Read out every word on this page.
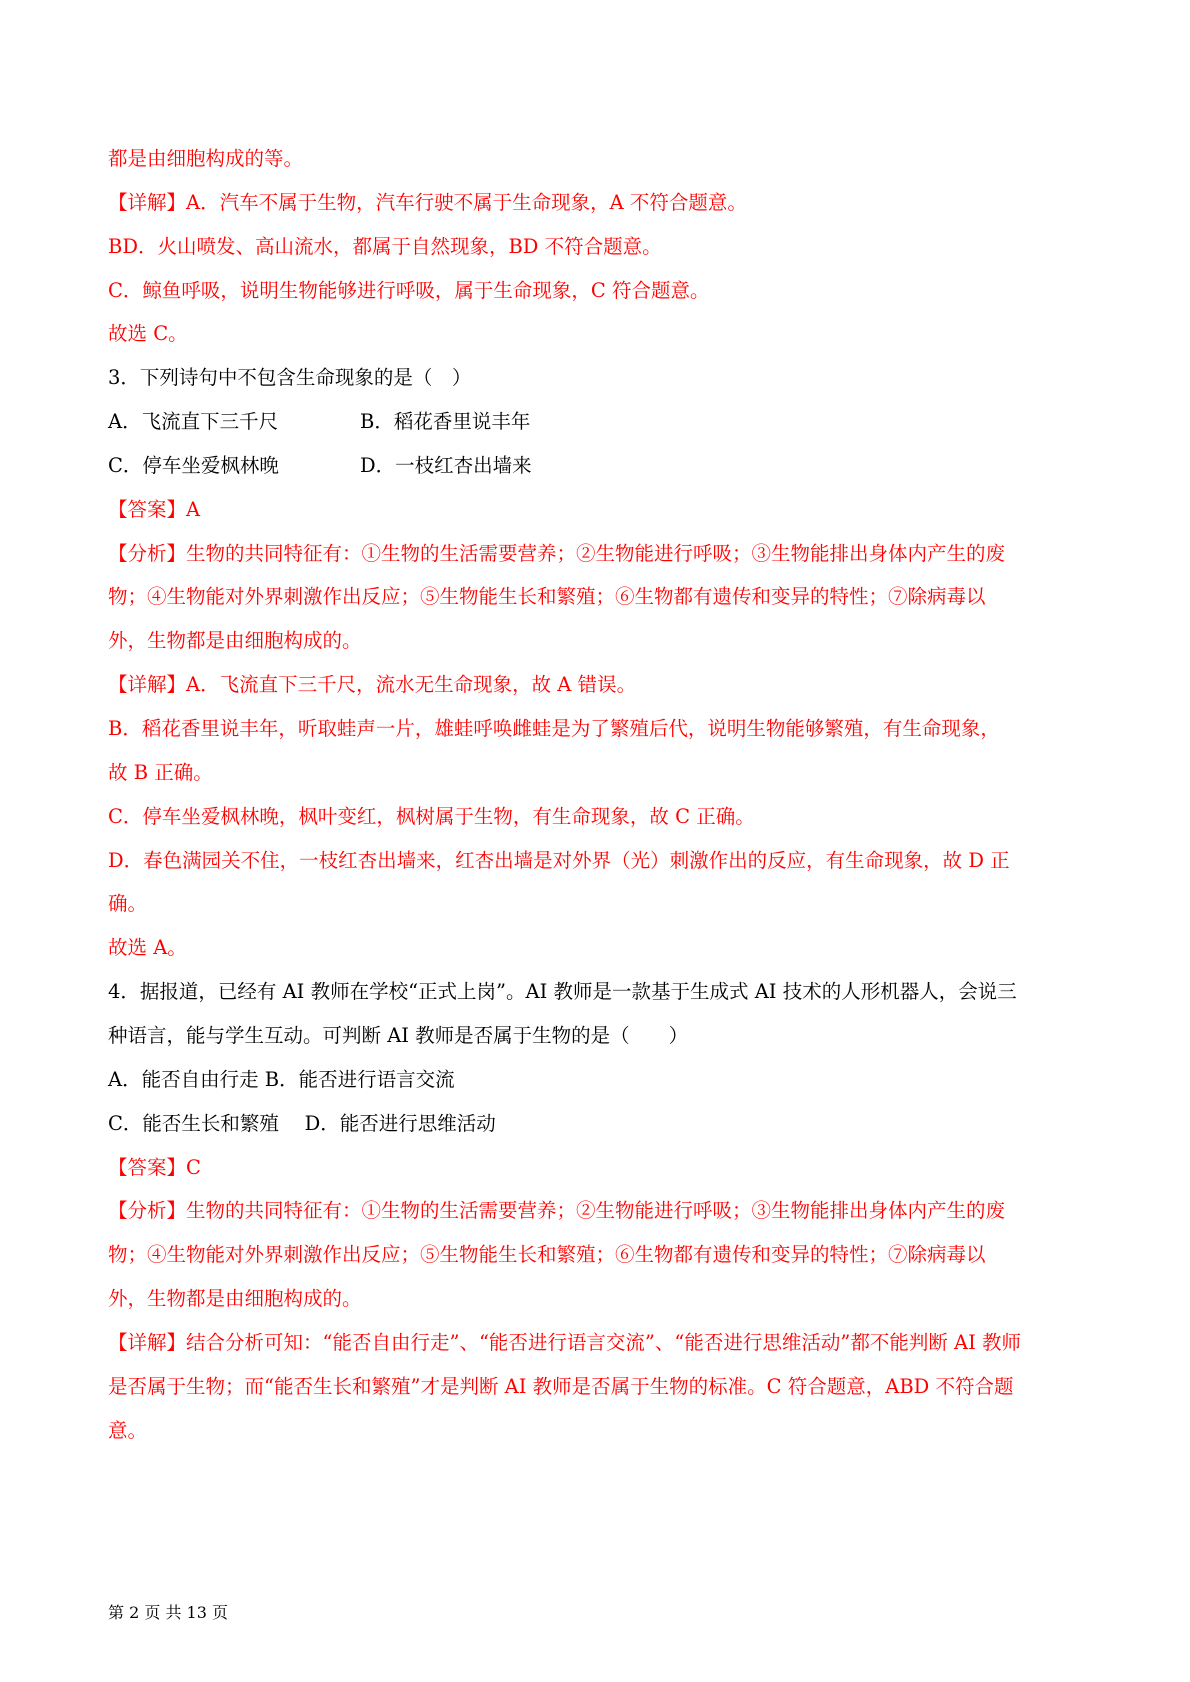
都是由细胞构成的等。
【详解】A．汽车不属于生物，汽车行驶不属于生命现象，A 不符合题意。
BD．火山喷发、高山流水，都属于自然现象，BD 不符合题意。
C．鲸鱼呼吸，说明生物能够进行呼吸，属于生命现象，C 符合题意。
故选 C。
3．下列诗句中不包含生命现象的是（　）
A．飞流直下三千尺	B．稻花香里说丰年
C．停车坐爱枫林晚	D．一枝红杏出墙来
【答案】A
【分析】生物的共同特征有：①生物的生活需要营养；②生物能进行呼吸；③生物能排出身体内产生的废
物；④生物能对外界刺激作出反应；⑤生物能生长和繁殖；⑥生物都有遗传和变异的特性；⑦除病毒以
外，生物都是由细胞构成的。
【详解】A．飞流直下三千尺，流水无生命现象，故 A 错误。
B．稻花香里说丰年，听取蛙声一片，雄蛙呼唤雌蛙是为了繁殖后代，说明生物能够繁殖，有生命现象，
故 B 正确。
C．停车坐爱枫林晚，枫叶变红，枫树属于生物，有生命现象，故 C 正确。
D．春色满园关不住，一枝红杏出墙来，红杏出墙是对外界（光）刺激作出的反应，有生命现象，故 D 正
确。
故选 A。
4．据报道，已经有 AI 教师在学校“正式上岗”。AI 教师是一款基于生成式 AI 技术的人形机器人，会说三
种语言，能与学生互动。可判断 AI 教师是否属于生物的是（　　）
A．能否自由行走 B．能否进行语言交流
C．能否生长和繁殖　 D．能否进行思维活动
【答案】C
【分析】生物的共同特征有：①生物的生活需要营养；②生物能进行呼吸；③生物能排出身体内产生的废
物；④生物能对外界刺激作出反应；⑤生物能生长和繁殖；⑥生物都有遗传和变异的特性；⑦除病毒以
外，生物都是由细胞构成的。
【详解】结合分析可知：“能否自由行走”、“能否进行语言交流”、“能否进行思维活动”都不能判断 AI 教师
是否属于生物；而“能否生长和繁殖”才是判断 AI 教师是否属于生物的标准。C 符合题意，ABD 不符合题
意。
第 2 页 共 13 页
